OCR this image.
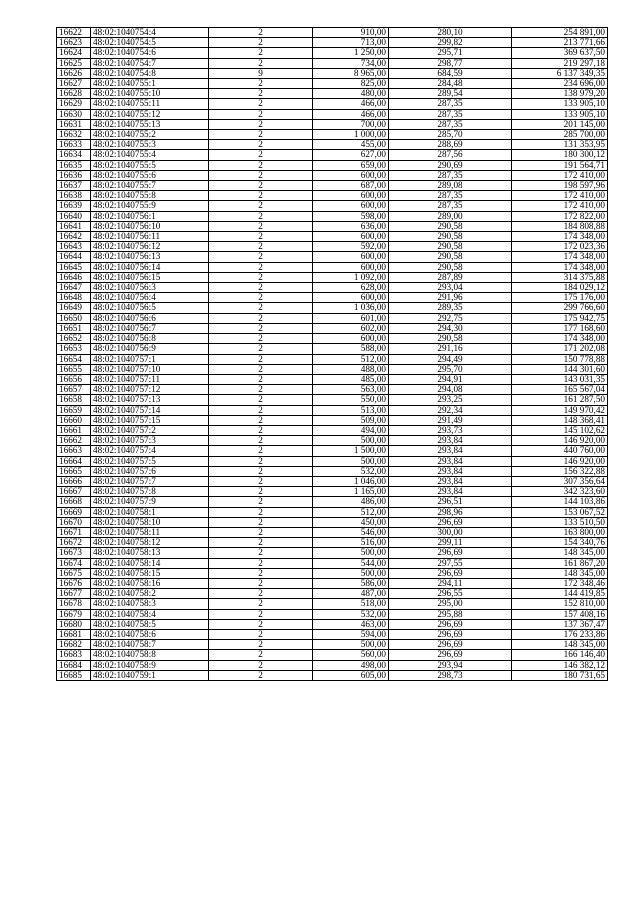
16622	48:02:1040754:4	2	910,00	280,10	254 891,00
16623	48:02:1040754:5	2	713,00	299,82	213 771,66
16624	48:02:1040754:6	2	1 250,00	295,71	369 637,50
16625	48:02:1040754:7	2	734,00	298,77	219 297,18
16626	48:02:1040754:8	9	8 965,00	684,59	6 137 349,35
16627	48:02:1040755:1	2	825,00	284,48	234 696,00
16628	48:02:1040755:10	2	480,00	289,54	138 979,20
16629	48:02:1040755:11	2	466,00	287,35	133 905,10
16630	48:02:1040755:12	2	466,00	287,35	133 905,10
16631	48:02:1040755:13	2	700,00	287,35	201 145,00
16632	48:02:1040755:2	2	1 000,00	285,70	285 700,00
16633	48:02:1040755:3	2	455,00	288,69	131 353,95
16634	48:02:1040755:4	2	627,00	287,56	180 300,12
16635	48:02:1040755:5	2	659,00	290,69	191 564,71
16636	48:02:1040755:6	2	600,00	287,35	172 410,00
16637	48:02:1040755:7	2	687,00	289,08	198 597,96
16638	48:02:1040755:8	2	600,00	287,35	172 410,00
16639	48:02:1040755:9	2	600,00	287,35	172 410,00
16640	48:02:1040756:1	2	598,00	289,00	172 822,00
16641	48:02:1040756:10	2	636,00	290,58	184 808,88
16642	48:02:1040756:11	2	600,00	290,58	174 348,00
16643	48:02:1040756:12	2	592,00	290,58	172 023,36
16644	48:02:1040756:13	2	600,00	290,58	174 348,00
16645	48:02:1040756:14	2	600,00	290,58	174 348,00
16646	48:02:1040756:15	2	1 092,00	287,89	314 375,88
16647	48:02:1040756:3	2	628,00	293,04	184 029,12
16648	48:02:1040756:4	2	600,00	291,96	175 176,00
16649	48:02:1040756:5	2	1 036,00	289,35	299 766,60
16650	48:02:1040756:6	2	601,00	292,75	175 942,75
16651	48:02:1040756:7	2	602,00	294,30	177 168,60
16652	48:02:1040756:8	2	600,00	290,58	174 348,00
16653	48:02:1040756:9	2	588,00	291,16	171 202,08
16654	48:02:1040757:1	2	512,00	294,49	150 778,88
16655	48:02:1040757:10	2	488,00	295,70	144 301,60
16656	48:02:1040757:11	2	485,00	294,91	143 031,35
16657	48:02:1040757:12	2	563,00	294,08	165 567,04
16658	48:02:1040757:13	2	550,00	293,25	161 287,50
16659	48:02:1040757:14	2	513,00	292,34	149 970,42
16660	48:02:1040757:15	2	509,00	291,49	148 368,41
16661	48:02:1040757:2	2	494,00	293,73	145 102,62
16662	48:02:1040757:3	2	500,00	293,84	146 920,00
16663	48:02:1040757:4	2	1 500,00	293,84	440 760,00
16664	48:02:1040757:5	2	500,00	293,84	146 920,00
16665	48:02:1040757:6	2	532,00	293,84	156 322,88
16666	48:02:1040757:7	2	1 046,00	293,84	307 356,64
16667	48:02:1040757:8	2	1 165,00	293,84	342 323,60
16668	48:02:1040757:9	2	486,00	296,51	144 103,86
16669	48:02:1040758:1	2	512,00	298,96	153 067,52
16670	48:02:1040758:10	2	450,00	296,69	133 510,50
16671	48:02:1040758:11	2	546,00	300,00	163 800,00
16672	48:02:1040758:12	2	516,00	299,11	154 340,76
16673	48:02:1040758:13	2	500,00	296,69	148 345,00
16674	48:02:1040758:14	2	544,00	297,55	161 867,20
16675	48:02:1040758:15	2	500,00	296,69	148 345,00
16676	48:02:1040758:16	2	586,00	294,11	172 348,46
16677	48:02:1040758:2	2	487,00	296,55	144 419,85
16678	48:02:1040758:3	2	518,00	295,00	152 810,00
16679	48:02:1040758:4	2	532,00	295,88	157 408,16
16680	48:02:1040758:5	2	463,00	296,69	137 367,47
16681	48:02:1040758:6	2	594,00	296,69	176 233,86
16682	48:02:1040758:7	2	500,00	296,69	148 345,00
16683	48:02:1040758:8	2	560,00	296,69	166 146,40
16684	48:02:1040758:9	2	498,00	293,94	146 382,12
16685	48:02:1040759:1	2	605,00	298,73	180 731,65
